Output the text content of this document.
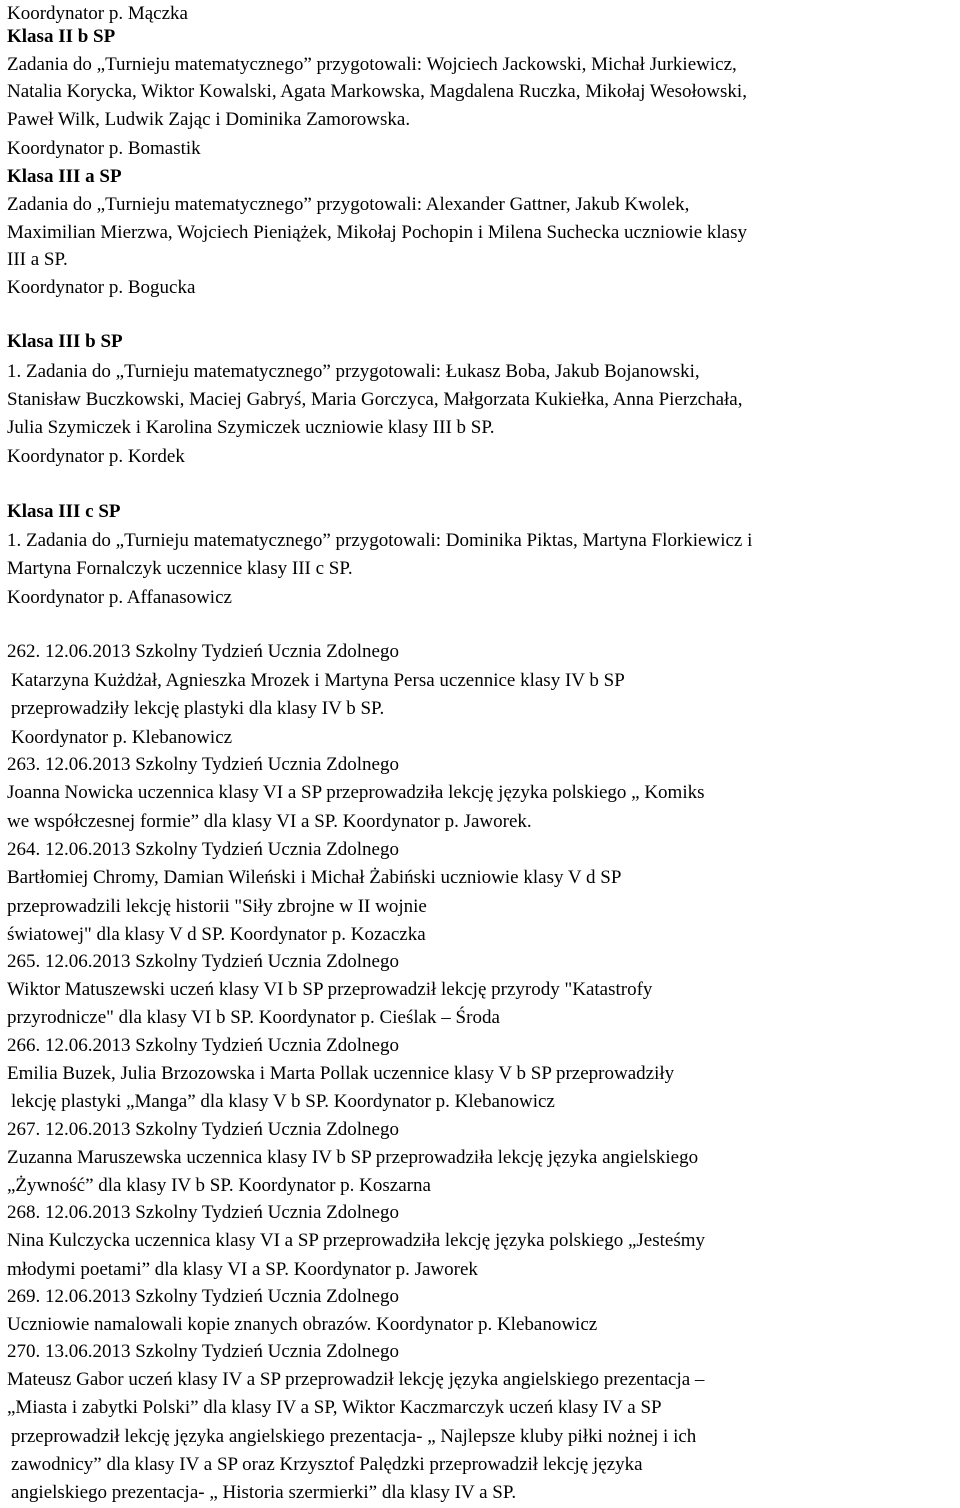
Koordynator p. Mączka
Klasa II b SP
Zadania do „Turnieju matematycznego” przygotowali: Wojciech Jackowski, Michał Jurkiewicz,
Natalia Korycka, Wiktor Kowalski, Agata Markowska, Magdalena Ruczka, Mikołaj Wesołowski,
Paweł Wilk, Ludwik Zając i Dominika Zamorowska.
Koordynator p. Bomastik
Klasa III a SP
Zadania do „Turnieju matematycznego” przygotowali: Alexander Gattner, Jakub Kwolek,
Maximilian Mierzwa, Wojciech Pieniążek, Mikołaj Pochopin i Milena Suchecka uczniowie klasy
III a SP.
Koordynator p. Bogucka
Klasa III b SP
1. Zadania do „Turnieju matematycznego” przygotowali: Łukasz Boba, Jakub Bojanowski,
Stanisław Buczkowski, Maciej Gabryś, Maria Gorczyca, Małgorzata Kukiełka, Anna Pierzchała,
Julia Szymiczek i Karolina Szymiczek uczniowie klasy III b SP.
Koordynator p. Kordek
Klasa III c SP
1. Zadania do „Turnieju matematycznego” przygotowali: Dominika Piktas, Martyna Florkiewicz i
Martyna Fornalczyk uczennice klasy III c SP.
Koordynator p. Affanasowicz
262. 12.06.2013 Szkolny Tydzień Ucznia Zdolnego
Katarzyna Kużdżał, Agnieszka Mrozek i Martyna Persa uczennice klasy IV b SP
przeprowadziły lekcję plastyki dla klasy IV b SP.
Koordynator p. Klebanowicz
263. 12.06.2013 Szkolny Tydzień Ucznia Zdolnego
Joanna Nowicka uczennica klasy VI a SP przeprowadziła lekcję języka polskiego „ Komiks
we współczesnej formie” dla klasy VI a SP. Koordynator p. Jaworek.
264. 12.06.2013 Szkolny Tydzień Ucznia Zdolnego
Bartłomiej Chromy, Damian Wileński i Michał Żabiński uczniowie klasy V d SP
przeprowadzili lekcję historii "Siły zbrojne w II wojnie
światowej" dla klasy V d SP. Koordynator p. Kozaczka
265. 12.06.2013 Szkolny Tydzień Ucznia Zdolnego
Wiktor Matuszewski uczeń klasy VI b SP przeprowadził lekcję przyrody "Katastrofy
przyrodnicze" dla klasy VI b SP. Koordynator p. Cieślak – Środa
266. 12.06.2013 Szkolny Tydzień Ucznia Zdolnego
Emilia Buzek, Julia Brzozowska i Marta Pollak uczennice klasy V b SP przeprowadziły
lekcję plastyki „Manga” dla klasy V b SP. Koordynator p. Klebanowicz
267. 12.06.2013 Szkolny Tydzień Ucznia Zdolnego
Zuzanna Maruszewska uczennica klasy IV b SP przeprowadziła lekcję języka angielskiego
„Żywność” dla klasy IV b SP. Koordynator p. Koszarna
268. 12.06.2013 Szkolny Tydzień Ucznia Zdolnego
Nina Kulczycka uczennica klasy VI a SP przeprowadziła lekcję języka polskiego „Jesteśmy
młodymi poetami” dla klasy VI a SP. Koordynator p. Jaworek
269. 12.06.2013 Szkolny Tydzień Ucznia Zdolnego
Uczniowie namalowali kopie znanych obrazów. Koordynator p. Klebanowicz
270. 13.06.2013 Szkolny Tydzień Ucznia Zdolnego
Mateusz Gabor uczeń klasy IV a SP przeprowadził lekcję języka angielskiego prezentacja –
„Miasta i zabytki Polski” dla klasy IV a SP, Wiktor Kaczmarczyk uczeń klasy IV a SP
przeprowadził lekcję języka angielskiego prezentacja- „ Najlepsze kluby piłki nożnej i ich
zawodnicy” dla klasy IV a SP oraz Krzysztof Palędzki przeprowadził lekcję języka
angielskiego prezentacja- „ Historia szermierki” dla klasy IV a SP.
